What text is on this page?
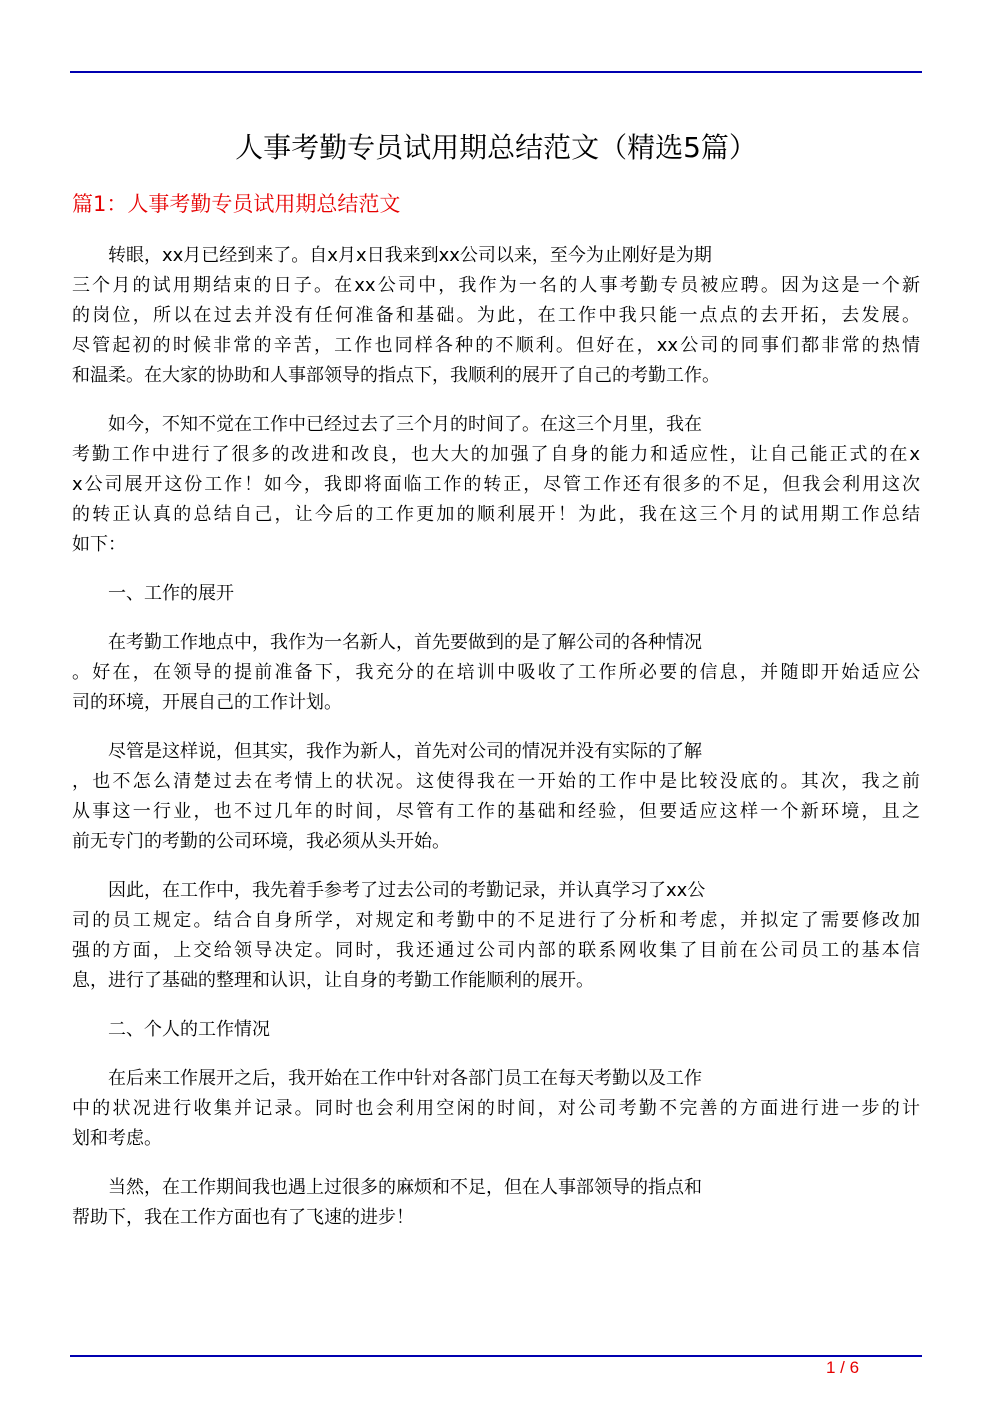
人事考勤专员试用期总结范文（精选5篇）
篇1：人事考勤专员试用期总结范文
转眼，xx月已经到来了。自x月x日我来到xx公司以来，至今为止刚好是为期
三个月的试用期结束的日子。在xx公司中，我作为一名的人事考勤专员被应聘。因为这是一个新
的岗位，所以在过去并没有任何准备和基础。为此，在工作中我只能一点点的去开拓，去发展。
尽管起初的时候非常的辛苦，工作也同样各种的不顺利。但好在，xx公司的同事们都非常的热情
和温柔。在大家的协助和人事部领导的指点下，我顺利的展开了自己的考勤工作。
如今，不知不觉在工作中已经过去了三个月的时间了。在这三个月里，我在
考勤工作中进行了很多的改进和改良，也大大的加强了自身的能力和适应性，让自己能正式的在x
x公司展开这份工作！如今，我即将面临工作的转正，尽管工作还有很多的不足，但我会利用这次
的转正认真的总结自己，让今后的工作更加的顺利展开！为此，我在这三个月的试用期工作总结
如下：
一、工作的展开
在考勤工作地点中，我作为一名新人，首先要做到的是了解公司的各种情况
。好在，在领导的提前准备下，我充分的在培训中吸收了工作所必要的信息，并随即开始适应公
司的环境，开展自己的工作计划。
尽管是这样说，但其实，我作为新人，首先对公司的情况并没有实际的了解
，也不怎么清楚过去在考情上的状况。这使得我在一开始的工作中是比较没底的。其次，我之前
从事这一行业，也不过几年的时间，尽管有工作的基础和经验，但要适应这样一个新环境，且之
前无专门的考勤的公司环境，我必须从头开始。
因此，在工作中，我先着手参考了过去公司的考勤记录，并认真学习了xx公
司的员工规定。结合自身所学，对规定和考勤中的不足进行了分析和考虑，并拟定了需要修改加
强的方面，上交给领导决定。同时，我还通过公司内部的联系网收集了目前在公司员工的基本信
息，进行了基础的整理和认识，让自身的考勤工作能顺利的展开。
二、个人的工作情况
在后来工作展开之后，我开始在工作中针对各部门员工在每天考勤以及工作
中的状况进行收集并记录。同时也会利用空闲的时间，对公司考勤不完善的方面进行进一步的计
划和考虑。
当然，在工作期间我也遇上过很多的麻烦和不足，但在人事部领导的指点和
帮助下，我在工作方面也有了飞速的进步！
1 / 6
